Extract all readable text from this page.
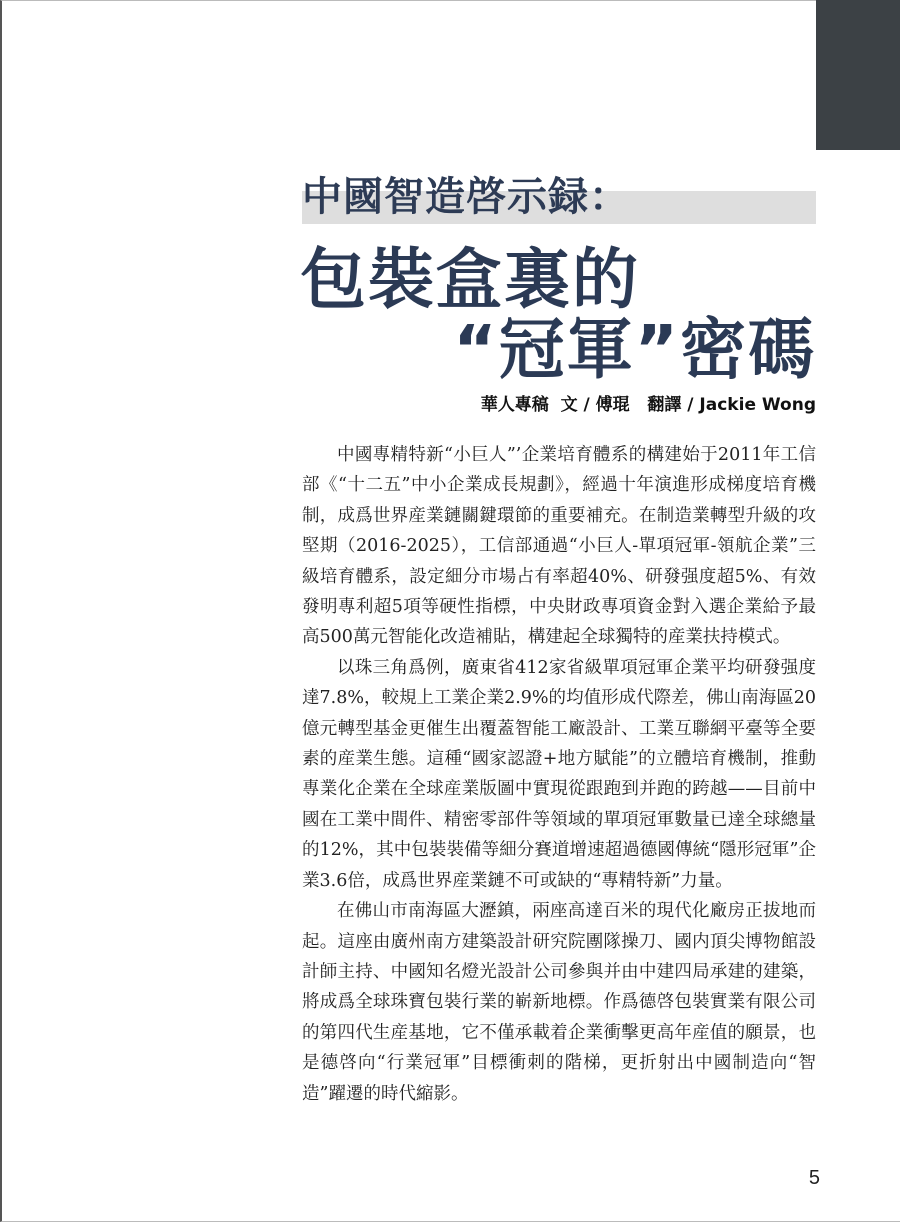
中國智造啓示録：
包裝盒裏的
“冠軍”密碼
華人專稿  文 / 傅琨   翻譯 / Jackie Wong

中國專精特新“小巨人”’企業培育體系的構建始于2011年工信部《“十二五”中小企業成長規劃》，經過十年演進形成梯度培育機制，成爲世界産業鏈關鍵環節的重要補充。在制造業轉型升級的攻堅期（2016-2025），工信部通過“小巨人-單項冠軍-領航企業”三級培育體系，設定細分市場占有率超40%、研發强度超5%、有效發明專利超5項等硬性指標，中央財政專項資金對入選企業給予最高500萬元智能化改造補貼，構建起全球獨特的産業扶持模式。

以珠三角爲例，廣東省412家省級單項冠軍企業平均研發强度達7.8%，較規上工業企業2.9%的均值形成代際差，佛山南海區20億元轉型基金更催生出覆蓋智能工廠設計、工業互聯網平臺等全要素的産業生態。這種“國家認證+地方賦能”的立體培育機制，推動專業化企業在全球産業版圖中實現從跟跑到并跑的跨越——目前中國在工業中間件、精密零部件等領域的單項冠軍數量已達全球總量的12%，其中包裝裝備等細分賽道增速超過德國傳統“隱形冠軍”企業3.6倍，成爲世界産業鏈不可或缺的“專精特新”力量。

在佛山市南海區大瀝鎮，兩座高達百米的現代化廠房正拔地而起。這座由廣州南方建築設計研究院團隊操刀、國内頂尖博物館設計師主持、中國知名燈光設計公司參與并由中建四局承建的建築，將成爲全球珠寶包裝行業的嶄新地標。作爲德啓包裝實業有限公司的第四代生産基地，它不僅承載着企業衝擊更高年産值的願景，也是德啓向“行業冠軍”目標衝刺的階梯，更折射出中國制造向“智造”躍遷的時代縮影。

5
